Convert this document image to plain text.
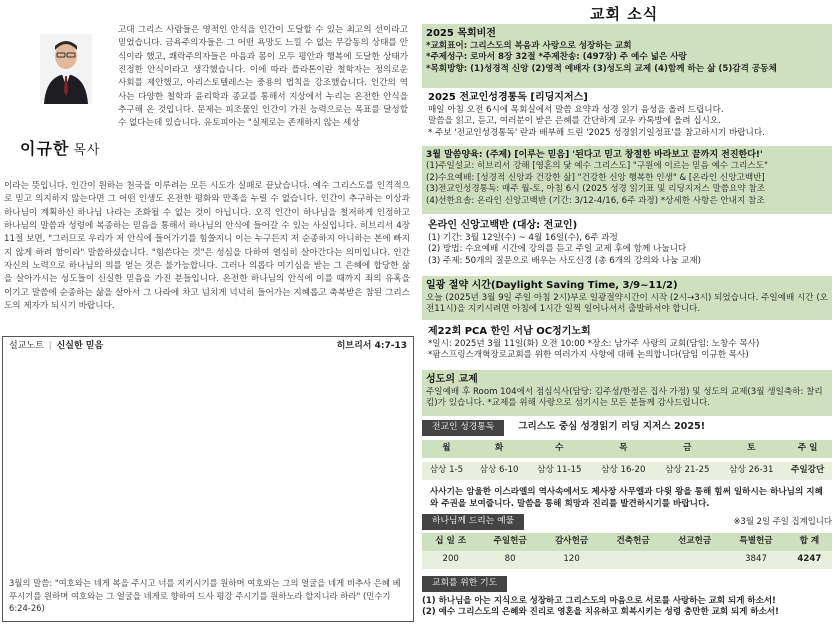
이규한 목사
고대 그리스 사람들은 영적인 안식을 인간이 도달할 수 있는 최고의 선이라고 믿었습니다. 금욕주의자들은 그 어떤 욕망도 느낄 수 없는 무감동의 상태를 안식이라 했고, 쾌락주의자들은 마음과 몸이 모두 평안과 행복에 도달한 상태가 진정한 안식이라고 생각했습니다. 이에 따라 플라톤이란 철학자는 정의로운 사회를 제안했고, 아리스토텔레스는 중용의 법칙을 강조했습니다. 인간의 역사는 다양한 철학과 윤리학과 종교를 통해서 지상에서 누리는 온전한 안식을 추구해 온 것입니다. 문제는 피조물인 인간이 가진 능력으로는 목표를 달성할 수 없다는데 있습니다. 유토피아는 "실제로는 존재하지 않는 세상
이라는 뜻입니다. 인간이 원하는 천국을 이루려는 모든 시도가 실패로 끝났습니다. 예수 그리스도를 인격적으로 믿고 의지하지 않는다면 그 어떤 인생도 온전한 평화와 만족을 누릴 수 없습니다. 인간이 추구하는 이상과 하나님이 계획하신 하나님 나라는 조화될 수 없는 것이 아닙니다. 오직 인간이 하나님을 철저하게 인정하고 하나님의 말씀과 성령에 복종하는 믿음을 통해서 하나님의 안식에 들어갈 수 있는 사실입니다. 히브리서 4장 11절 보면, "그러므로 우리가 저 안식에 들어가기를 힘쓸지니 이는 누구든지 저 순종하지 아니하는 본에 빠지지 않게 하려 함이라" 말씀하셨습니다. "힘쓴다는 것"은 성심을 다하여 열심히 살아간다는 의미입니다. 인간 자신의 노력으로 하나님의 의를 얻는 것은 불가능합니다. 그러나 의롭다 여기심을 받는 그 은혜에 합당한 삶을 살아가시는 성도들이 신실한 믿음을 가진 분들입니다. 온전한 하나님의 안식에 이를 때까지 죄의 유혹을 이기고 말씀에 순종하는 삶을 살아서 그 나라에 차고 넘치게 넉넉히 들어가는 지혜롭고 축복받은 참된 그리스도의 제자가 되시기 바랍니다.
설교노트 | 신실한 믿음	히브리서 4:7-13
3월의 말씀: "여호와는 네게 복을 주시고 너를 지키시기를 원하며 여호와는 그의 얼굴을 네게 비추사 은혜 베푸시기를 원하며 여호와는 그 얼굴을 네게로 향하여 드사 평강 주시기를 원하노라 할지니라 하라" (민수기 6:24-26)
교회 소식
2025 목회비전
*교회표어: 그리스도의 복음과 사랑으로 성장하는 교회
*주제성구: 로마서 8장 32절 *주제찬송: (497장) 주 예수 넓은 사랑
*목회방향: (1)성경적 신앙 (2)영적 예배자 (3)성도의 교제 (4)함께 하는 삶 (5)감격 공동체
2025 전교인성경통독 [리딩지저스]
매일 아침 오전 6시에 목회실에서 말씀 요약과 성경 읽기 음성을 올려 드립니다.
말씀을 읽고, 듣고, 여러분이 받은 은혜를 간단하게 교우 카톡방에 올려 십시오.
* 주보 '전교인성경통독' 란과 배부해 드린 '2025 성경읽기일정표'를 참고하시기 바랍니다.
3월 말씀양육: (주제) [이루는 믿음] '된다고 믿고 창절한 바라보고 끝까지 전진한다!'
(1)주일설교: 히브리서 강해 [영혼의 닻 예수 그리스도] "구원에 이르는 믿음 예수 그리스도"
(2)수요예배: [성경적 신앙과 건강한 삶] "건강한 신앙 행복한 인생" & [온라인 신앙고백반]
(3)전교인성경통독: 매주 월-토, 아침 6시 (2025 성경 읽기표 및 리딩지저스 말씀요약 참조
(4)선한요솔: 온라인 신앙고백반 (기간: 3/12-4/16, 6주 과정) *상세한 사항은 안내지 참조
온라인 신앙고백반 (대상: 전교인)
(1) 기간: 3월 12일(수) ~ 4월 16일(수), 6주 과정
(2) 방법: 수요예배 시간에 강의를 듣고 주일 교제 후에 함께 나눕니다
(3) 주제: 50개의 질문으로 배우는 사도신경 (총 6개의 강의와 나눔 교재)
일광 절약 시간(Daylight Saving Time, 3/9~11/2)
오늘 (2025년 3월 9일 주일 아침 2시)부로 일광절약시간이 시작 (2시→3시) 되었습니다. 주일예배 시간 (오전11시)을 지키시려면 아침에 1시간 일찍 일어나셔서 출발하셔야 합니다.
제22회 PCA 한인 서남 OC정기노회
*일시: 2025년 3월 11일(화) 오전 10:00 *장소: 남가주 사랑의 교회(담임: 노창수 목사)
*팜스프링스개혁장로교회를 위한 여러가지 사항에 대해 논의합니다(담임 이규한 목사)
성도의 교제
주일예배 후 Room 104에서 점심식사(담당: 김주성/한정은 집사 가정) 및 성도의 교제(3월 생일축하: 찰리 킴)가 있습니다. *교제를 위해 사랑으로 섬기시는 모든 분들께 감사드립니다.
전교인 성경통독	그리스도 중심 성경읽기 리딩 지저스 2025!
월	화	수	목	금	토	주 일

삼상 1-5	삼상 6-10	삼상 11-15	삼상 16-20	삼상 21-25	삼상 26-31	주일강단
사사기는 암울한 이스라엘의 역사속에서도 제사장 사무엘과 다윗 왕을 통해 힘써 일하시는 하나님의 지혜와 주권을 보여줍니다. 말씀을 통해 희망과 진리를 발견하시기를 바랍니다.
하나님께 드리는 예물	※3월 2일 주일 집계입니다
십 일 조	주일헌금	감사헌금	건축헌금	선교헌금	특별헌금	합 계
200	80	120			3847	4247
교회를 위한 기도
(1) 하나님을 아는 지식으로 성장하고 그리스도의 마음으로 서로를 사랑하는 교회 되게 하소서!
(2) 예수 그리스도의 은혜와 진리로 영혼을 치유하고 회복시키는 성령 충만한 교회 되게 하소서!
